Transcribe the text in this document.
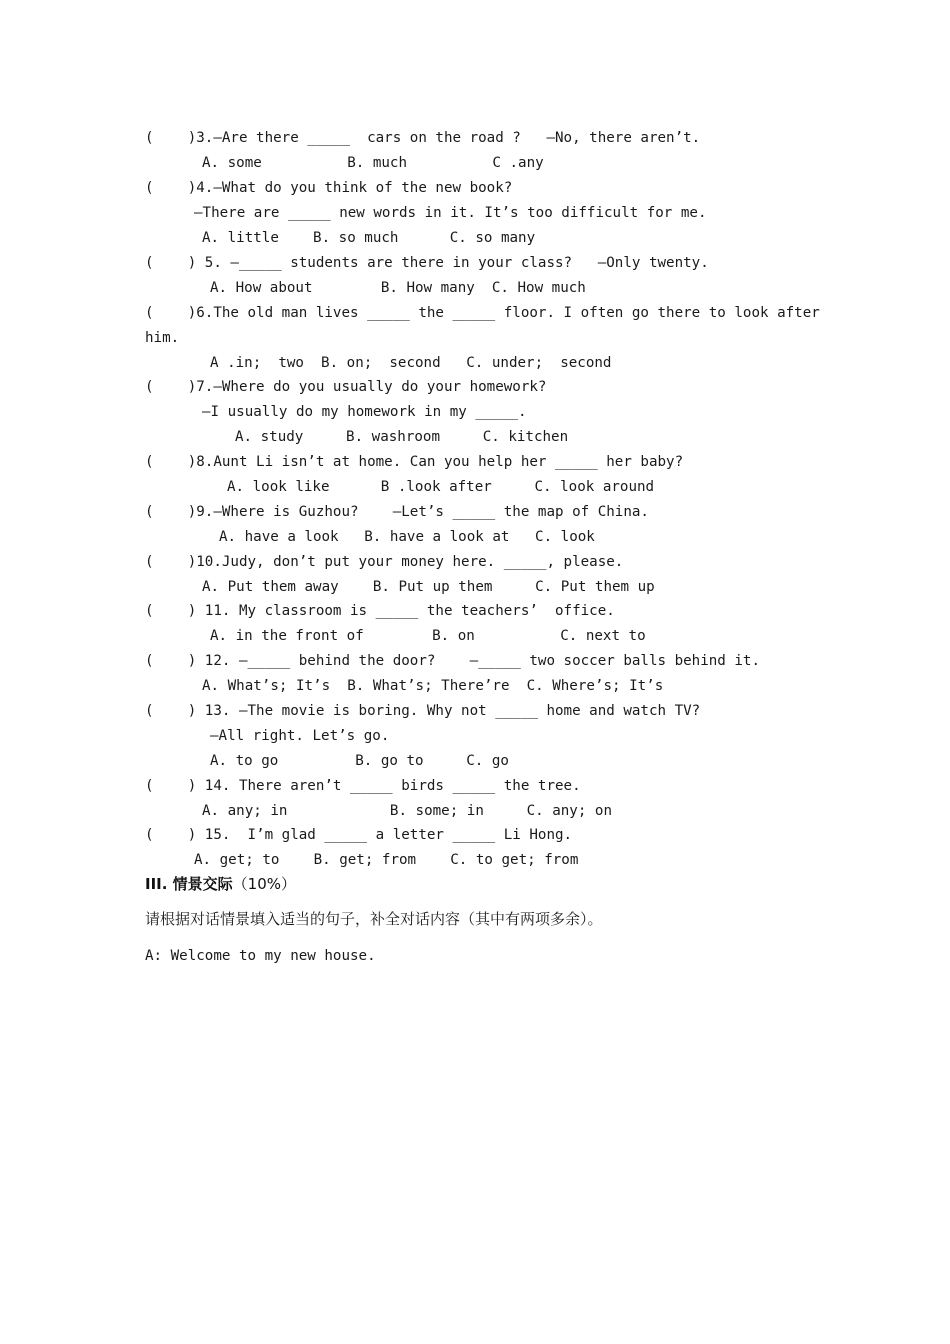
(    )3.—Are there _____  cars on the road ?   —No, there aren’t.
A. some          B. much          C .any
(    )4.—What do you think of the new book?
—There are _____ new words in it. It’s too difficult for me.
A. little    B. so much      C. so many
(    ) 5. —_____ students are there in your class?   —Only twenty.
A. How about        B. How many  C. How much
(    )6.The old man lives _____ the _____ floor. I often go there to look after
him.
A .in;  two  B. on;  second   C. under;  second
(    )7.—Where do you usually do your homework?
—I usually do my homework in my _____.
A. study     B. washroom     C. kitchen
(    )8.Aunt Li isn’t at home. Can you help her _____ her baby?
A. look like      B .look after     C. look around
(    )9.—Where is Guzhou?    —Let’s _____ the map of China.
A. have a look   B. have a look at   C. look
(    )10.Judy, don’t put your money here. _____, please.
A. Put them away    B. Put up them     C. Put them up
(    ) 11. My classroom is _____ the teachers’  office.
A. in the front of        B. on          C. next to
(    ) 12. —_____ behind the door?    —_____ two soccer balls behind it.
A. What’s; It’s  B. What’s; There’re  C. Where’s; It’s
(    ) 13. —The movie is boring. Why not _____ home and watch TV?
—All right. Let’s go.
A. to go         B. go to     C. go
(    ) 14. There aren’t _____ birds _____ the tree.
A. any; in            B. some; in     C. any; on
(    ) 15.  I’m glad _____ a letter _____ Li Hong.
A. get; to    B. get; from    C. to get; from
III. 情景交际（10%）
请根据对话情景填入适当的句子，补全对话内容（其中有两项多余）。
A: Welcome to my new house.
